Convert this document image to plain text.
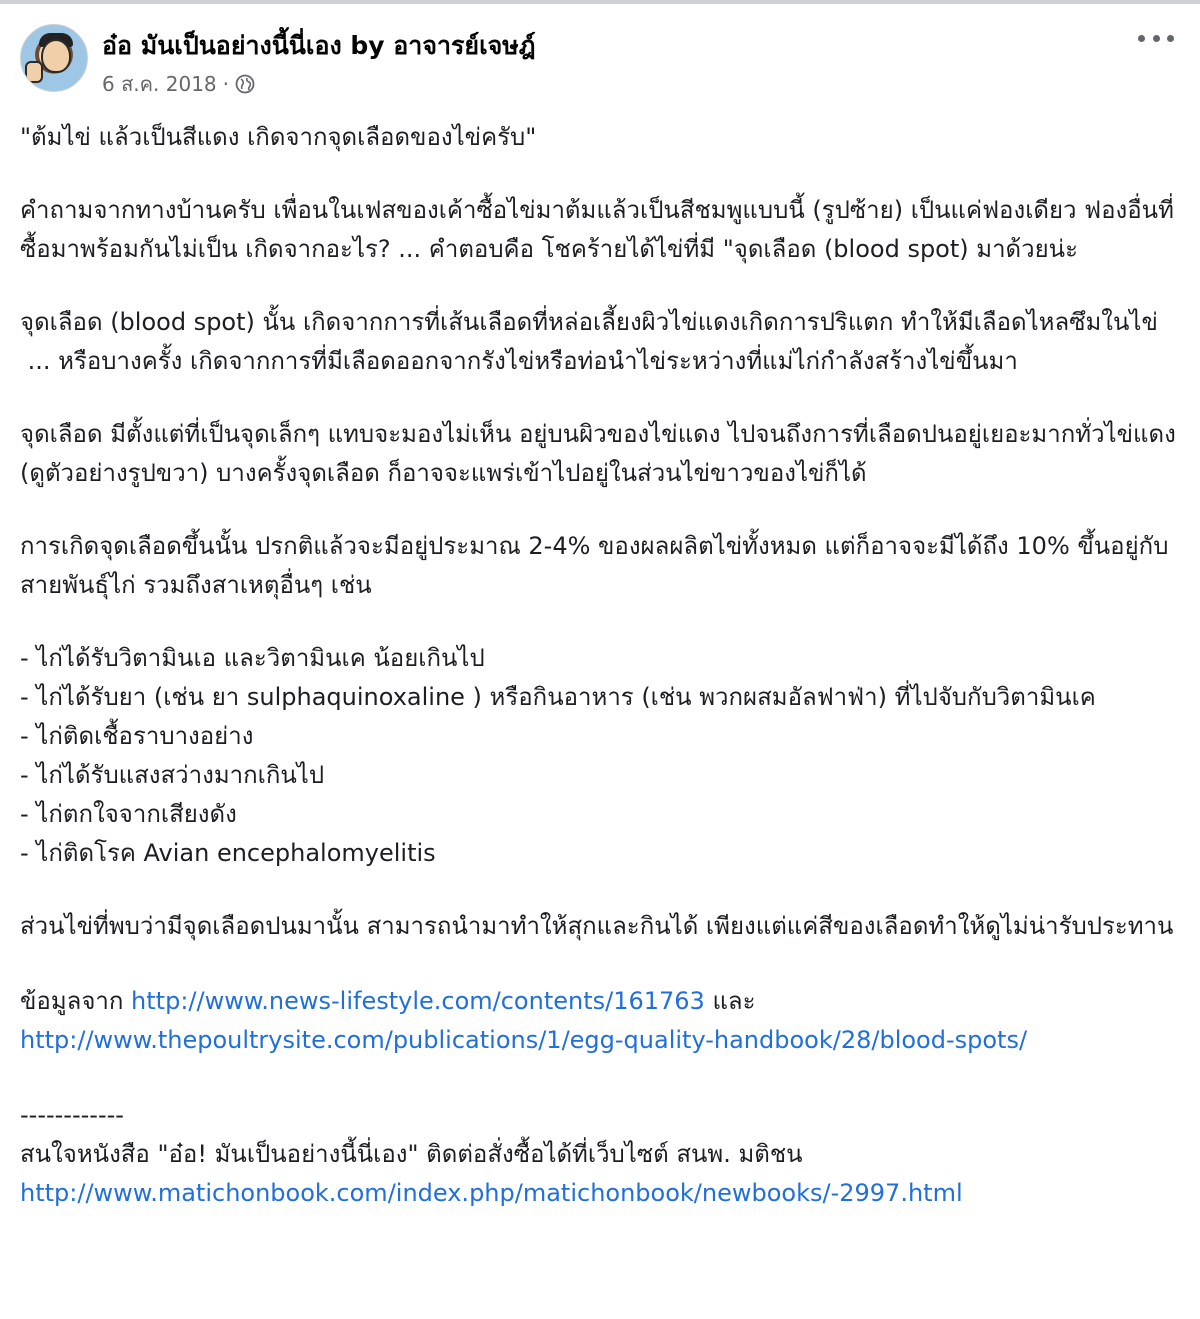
อ๋อ มันเป็นอย่างนี้นี่เอง by อาจารย์เจษฎ์
6 ส.ค. 2018 ·

"ต้มไข่ แล้วเป็นสีแดง เกิดจากจุดเลือดของไข่ครับ"

คำถามจากทางบ้านครับ เพื่อนในเฟสของเค้าซื้อไข่มาต้มแล้วเป็นสีชมพูแบบนี้ (รูปซ้าย) เป็นแค่ฟองเดียว ฟองอื่นที่ซื้อมาพร้อมกันไม่เป็น เกิดจากอะไร? ... คำตอบคือ โชคร้ายได้ไข่ที่มี "จุดเลือด (blood spot) มาด้วยน่ะ

จุดเลือด (blood spot) นั้น เกิดจากการที่เส้นเลือดที่หล่อเลี้ยงผิวไข่แดงเกิดการปริแตก ทำให้มีเลือดไหลซึมในไข่

... หรือบางครั้ง เกิดจากการที่มีเลือดออกจากรังไข่หรือท่อนำไข่ระหว่างที่แม่ไก่กำลังสร้างไข่ขึ้นมา

จุดเลือด มีตั้งแต่ที่เป็นจุดเล็กๆ แทบจะมองไม่เห็น อยู่บนผิวของไข่แดง ไปจนถึงการที่เลือดปนอยู่เยอะมากทั่วไข่แดง (ดูตัวอย่างรูปขวา) บางครั้งจุดเลือด ก็อาจจะแพร่เข้าไปอยู่ในส่วนไข่ขาวของไข่ก็ได้

การเกิดจุดเลือดขึ้นนั้น ปรกติแล้วจะมีอยู่ประมาณ 2-4% ของผลผลิตไข่ทั้งหมด แต่ก็อาจจะมีได้ถึง 10% ขึ้นอยู่กับสายพันธุ์ไก่ รวมถึงสาเหตุอื่นๆ เช่น

- ไก่ได้รับวิตามินเอ และวิตามินเค น้อยเกินไป

- ไก่ได้รับยา (เช่น ยา sulphaquinoxaline ) หรือกินอาหาร (เช่น พวกผสมอัลฟาฟ่า) ที่ไปจับกับวิตามินเค

- ไก่ติดเชื้อราบางอย่าง

- ไก่ได้รับแสงสว่างมากเกินไป

- ไก่ตกใจจากเสียงดัง

- ไก่ติดโรค Avian encephalomyelitis

ส่วนไข่ที่พบว่ามีจุดเลือดปนมานั้น สามารถนำมาทำให้สุกและกินได้ เพียงแต่แค่สีของเลือดทำให้ดูไม่น่ารับประทาน

ข้อมูลจาก http://www.news-lifestyle.com/contents/161763 และ

http://www.thepoultrysite.com/publications/1/egg-quality-handbook/28/blood-spots/

------------

สนใจหนังสือ "อ๋อ! มันเป็นอย่างนี้นี่เอง" ติดต่อสั่งซื้อได้ที่เว็บไซต์ สนพ. มติชน

http://www.matichonbook.com/index.php/matichonbook/newbooks/-2997.html
